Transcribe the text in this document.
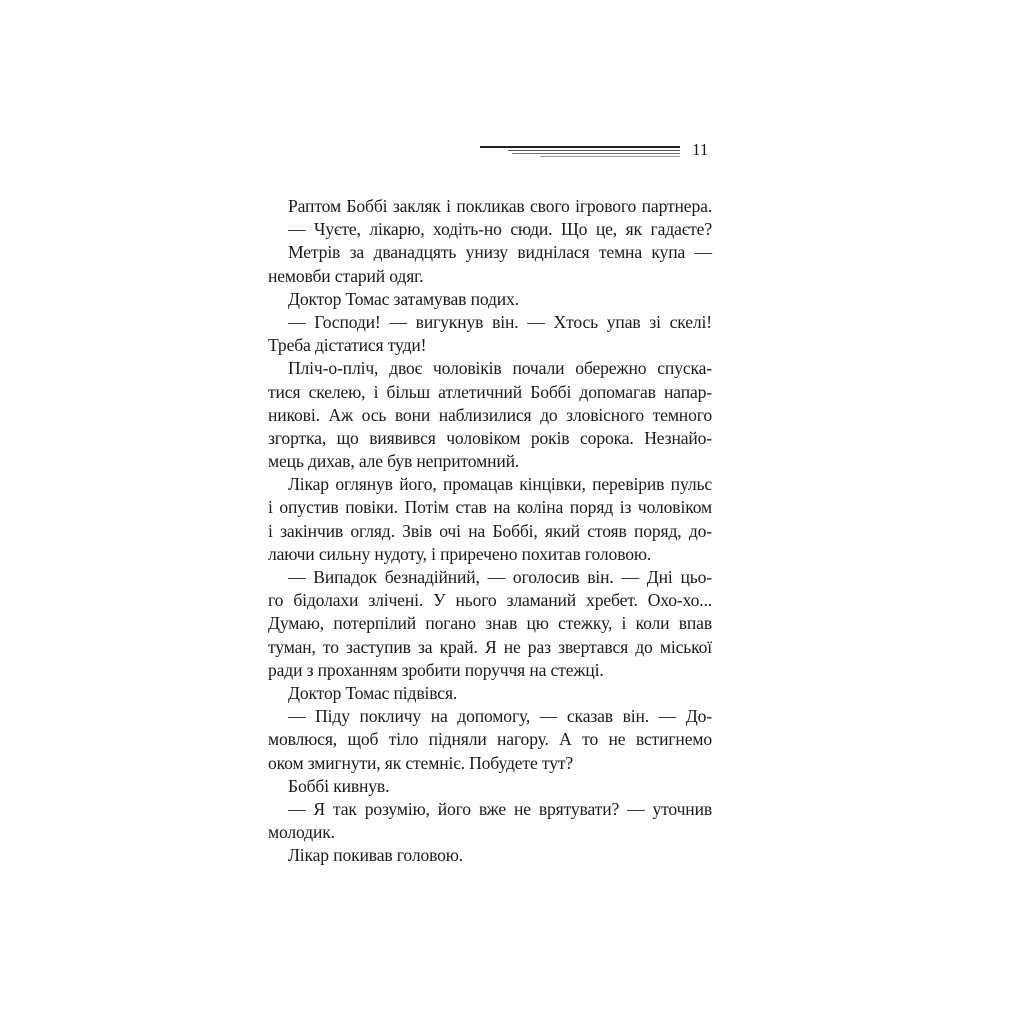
11
Раптом Боббі закляк і покликав свого ігрового партнера.
— Чуєте, лікарю, ходіть-но сюди. Що це, як гадаєте?
Метрів за дванадцять унизу виднілася темна купа —
немовби старий одяг.
Доктор Томас затамував подих.
— Господи! — вигукнув він. — Хтось упав зі скелі!
Треба дістатися туди!
Пліч-о-пліч, двоє чоловіків почали обережно спуска-
тися скелею, і більш атлетичний Боббі допомагав напар-
никові. Аж ось вони наблизилися до зловісного темного
згортка, що виявився чоловіком років сорока. Незнайо-
мець дихав, але був непритомний.
Лікар оглянув його, промацав кінцівки, перевірив пульс
і опустив повіки. Потім став на коліна поряд із чоловіком
і закінчив огляд. Звів очі на Боббі, який стояв поряд, до-
лаючи сильну нудоту, і приречено похитав головою.
— Випадок безнадійний, — оголосив він. — Дні цьо-
го бідолахи злічені. У нього зламаний хребет. Охо-хо...
Думаю, потерпілий погано знав цю стежку, і коли впав
туман, то заступив за край. Я не раз звертався до міської
ради з проханням зробити поруччя на стежці.
Доктор Томас підвівся.
— Піду покличу на допомогу, — сказав він. — До-
мовлюся, щоб тіло підняли нагору. А то не встигнемо
оком змигнути, як стемніє. Побудете тут?
Боббі кивнув.
— Я так розумію, його вже не врятувати? — уточнив
молодик.
Лікар покивав головою.
